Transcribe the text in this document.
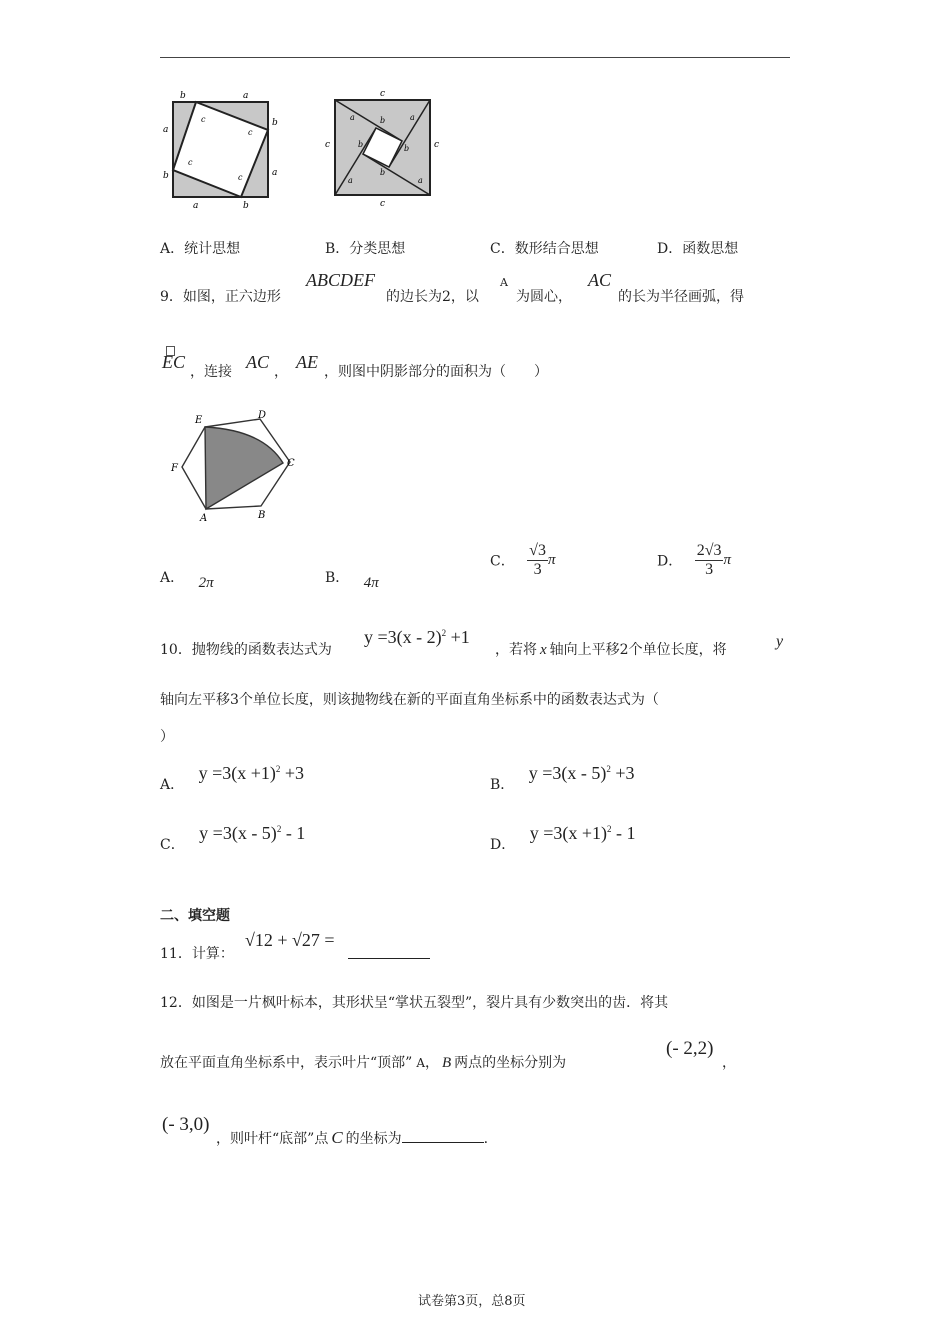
b	a
a
b
b	a
a	b
c
c
c
c
c
c	c
c
a	b	a
b
a
b
a
b
A．统计思想	B．分类思想	C．数形结合思想	D．函数思想
9．如图，正六边形
ABCDEF
的边长为2，以
A
为圆心，
AC
的长为半径画弧，得
EC ，连接 AC ， AE ，则图中阴影部分的面积为（　　）
E	D
F	C
A	B
A． 2π	B． 4π
C． $\frac{√3}{3}$ π	D． $\frac{2√3}{3}$ π
10．抛物线的函数表达式为
y =3(x - 2)$^2$ +1
，若将 x 轴向上平移2个单位长度，将	y
轴向左平移3个单位长度，则该抛物线在新的平面直角坐标系中的函数表达式为（
）
A． $y =3(x +1)^2 +3$
B． y =3(x - 5)$^2$ +3
C． y =3(x - 5)$^2$ - 1
D． $y =3(x +1)^2 - 1$
二、填空题
11．计算：
√12 + √27 =
12．如图是一片枫叶标本，其形状呈“掌状五裂型”，裂片具有少数突出的齿．将其
放在平面直角坐标系中，表示叶片“顶部” A， B 两点的坐标分别为
(- 2,2)
，
(- 3,0)
，则叶杆“底部”点 C 的坐标为	.
试卷第3页，总8页
